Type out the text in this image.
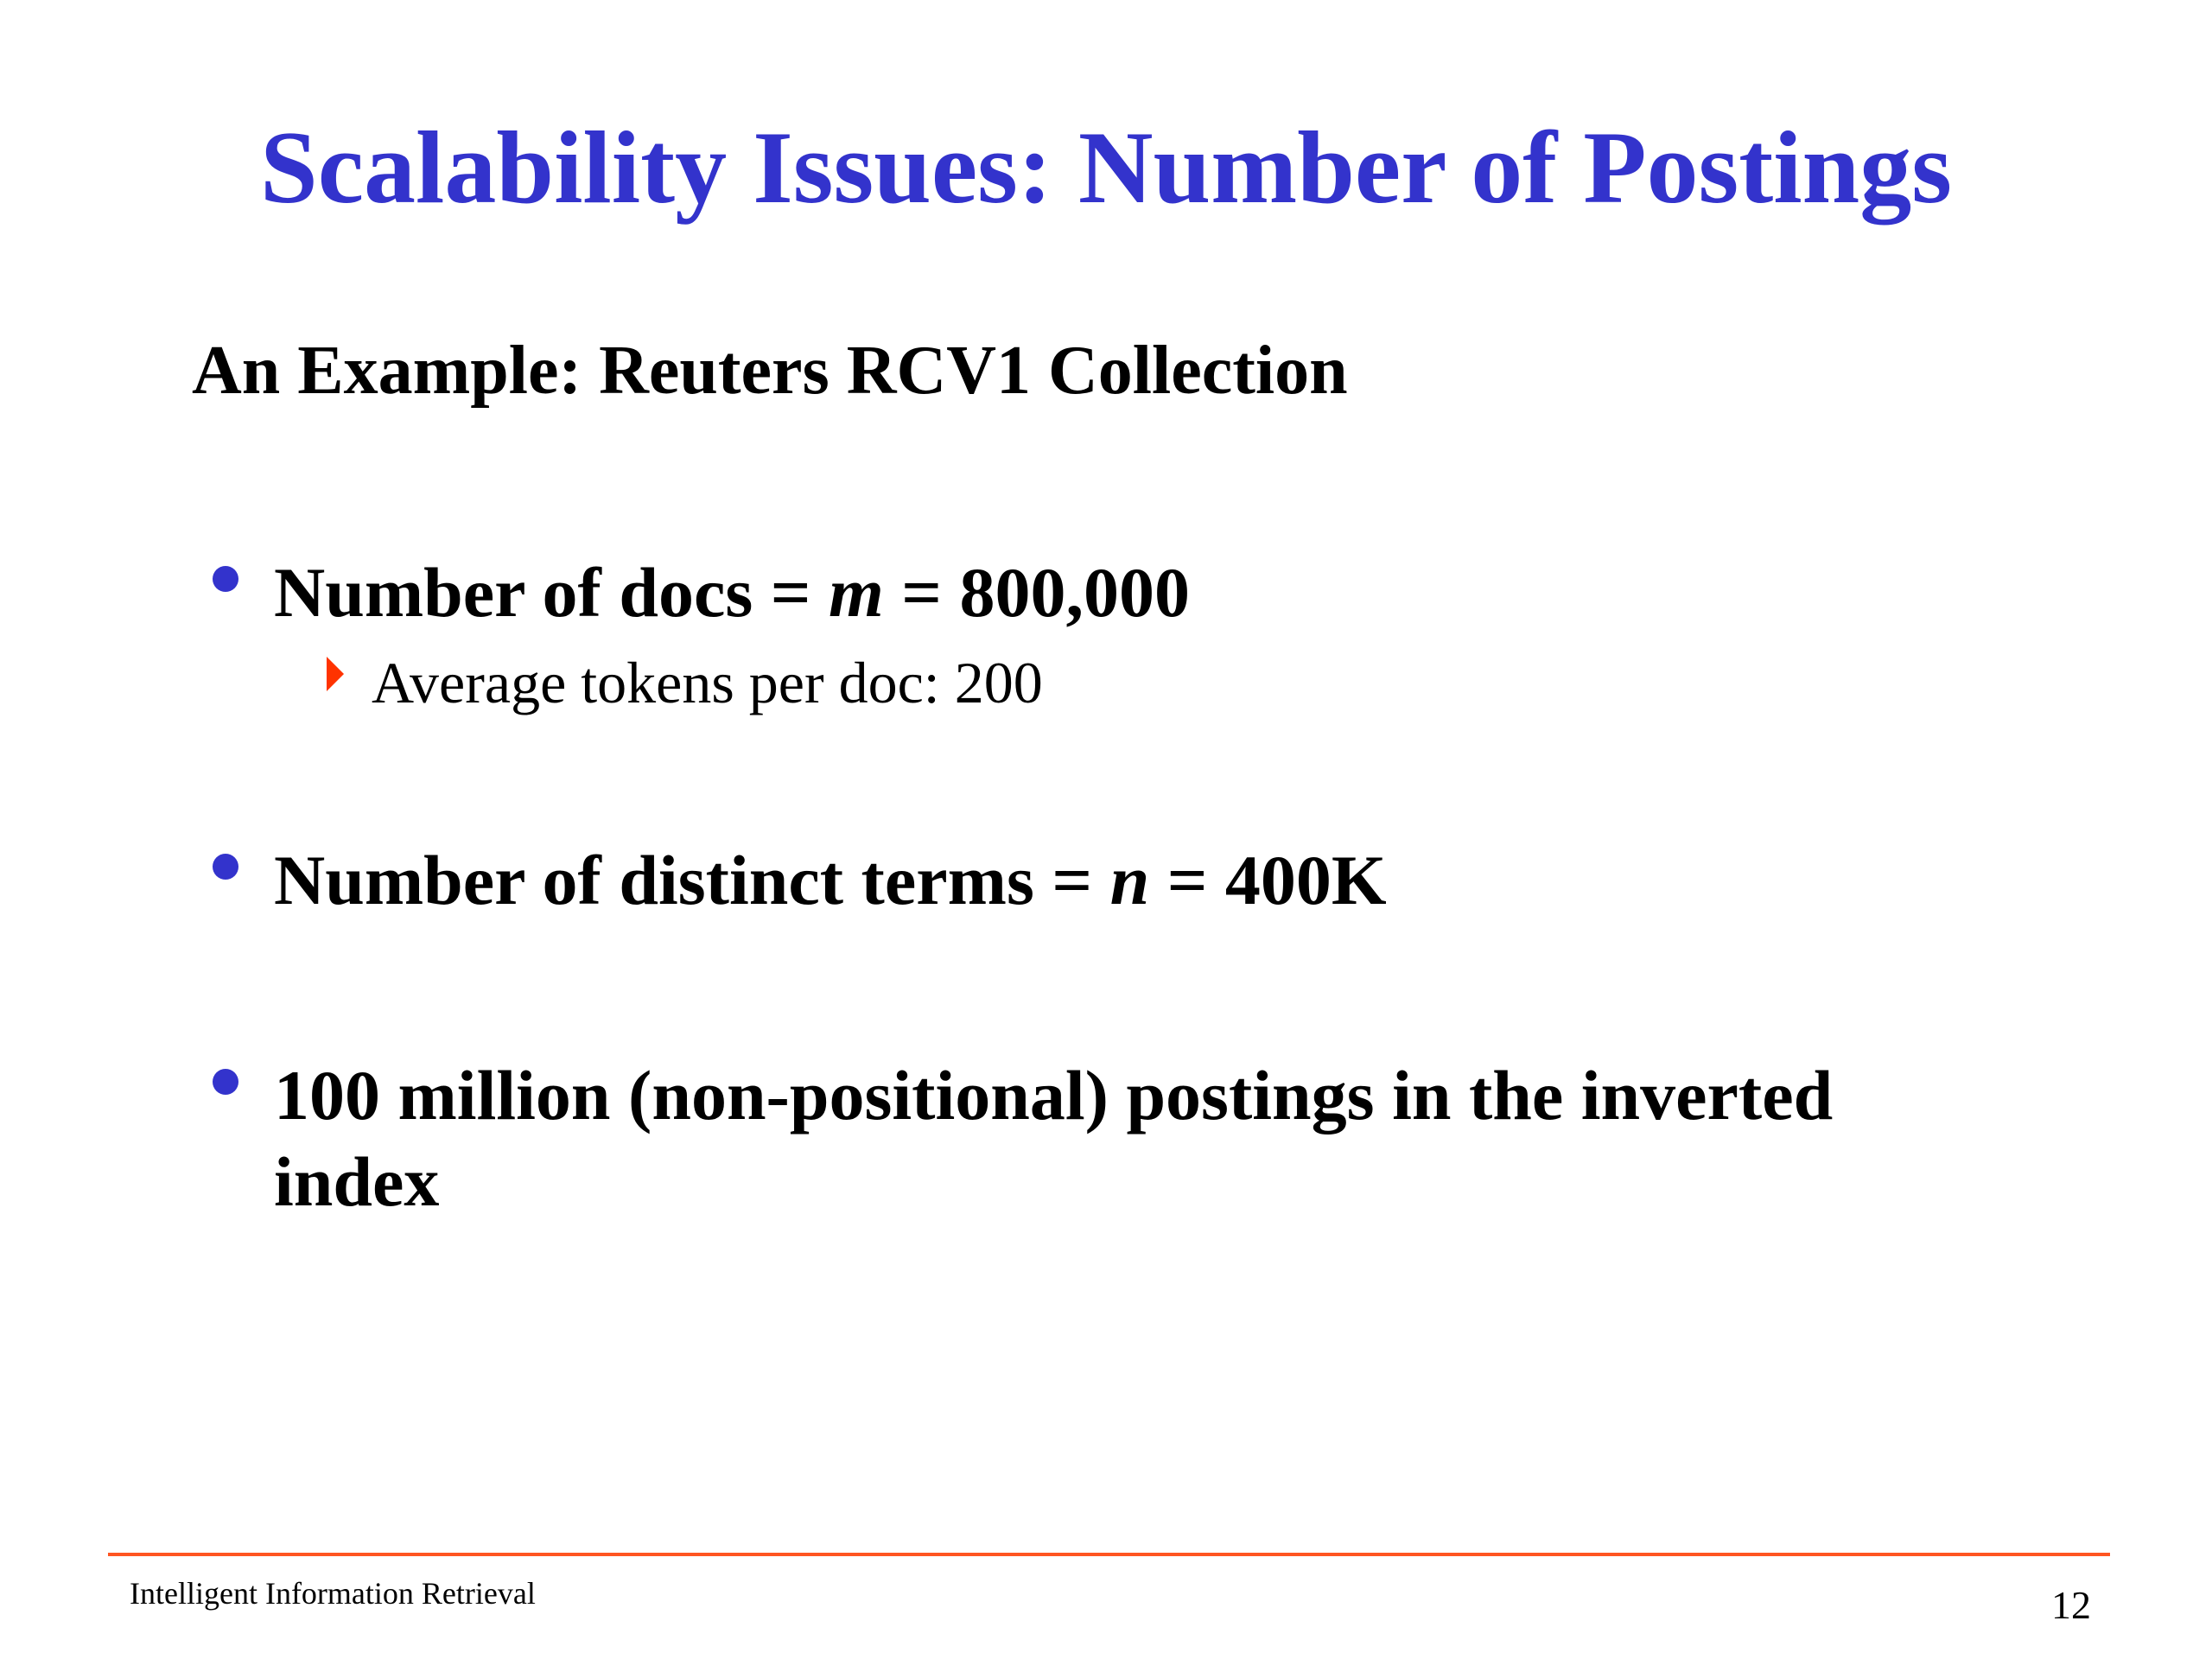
Scalability Issues: Number of Postings
An Example: Reuters RCV1 Collection
Number of docs = m = 800,000
Average tokens per doc: 200
Number of distinct terms = n = 400K
100 million (non-positional) postings in the inverted
index
Intelligent Information Retrieval	12
